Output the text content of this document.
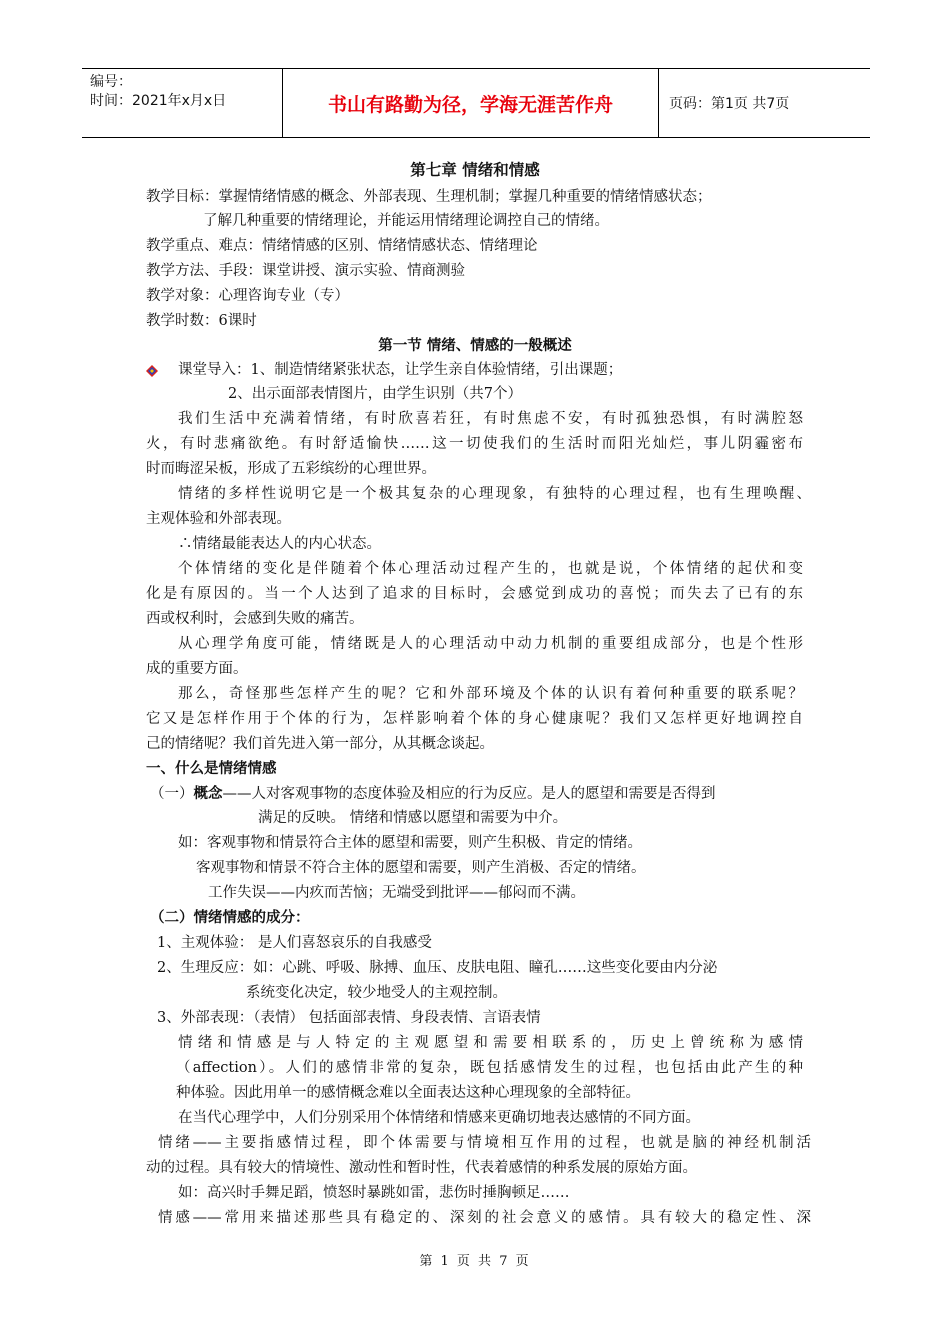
编号：
时间：2021年x月x日	书山有路勤为径，学海无涯苦作舟	页码：第1页 共7页
第七章 情绪和情感
教学目标：掌握情绪情感的概念、外部表现、生理机制；掌握几种重要的情绪情感状态；
了解几种重要的情绪理论，并能运用情绪理论调控自己的情绪。
教学重点、难点：情绪情感的区别、情绪情感状态、情绪理论
教学方法、手段：课堂讲授、演示实验、情商测验
教学对象：心理咨询专业（专）
教学时数：6课时
第一节 情绪、情感的一般概述
课堂导入：1、制造情绪紧张状态，让学生亲自体验情绪，引出课题；
2、出示面部表情图片，由学生识别（共7个）
我们生活中充满着情绪，有时欣喜若狂，有时焦虑不安，有时孤独恐惧，有时满腔怒
火，有时悲痛欲绝。有时舒适愉快……这一切使我们的生活时而阳光灿烂，事儿阴霾密布
时而晦涩呆板，形成了五彩缤纷的心理世界。
情绪的多样性说明它是一个极其复杂的心理现象，有独特的心理过程，也有生理唤醒、
主观体验和外部表现。
∴情绪最能表达人的内心状态。
个体情绪的变化是伴随着个体心理活动过程产生的，也就是说，个体情绪的起伏和变
化是有原因的。当一个人达到了追求的目标时，会感觉到成功的喜悦；而失去了已有的东
西或权利时，会感到失败的痛苦。
从心理学角度可能，情绪既是人的心理活动中动力机制的重要组成部分，也是个性形
成的重要方面。
那么，奇怪那些怎样产生的呢？它和外部环境及个体的认识有着何种重要的联系呢？
它又是怎样作用于个体的行为，怎样影响着个体的身心健康呢？我们又怎样更好地调控自
己的情绪呢？我们首先进入第一部分，从其概念谈起。
一、什么是情绪情感
（一）概念——人对客观事物的态度体验及相应的行为反应。是人的愿望和需要是否得到
满足的反映。 情绪和情感以愿望和需要为中介。
如：客观事物和情景符合主体的愿望和需要，则产生积极、肯定的情绪。
客观事物和情景不符合主体的愿望和需要，则产生消极、否定的情绪。
工作失误——内疚而苦恼；无端受到批评——郁闷而不满。
（二）情绪情感的成分：
1、主观体验： 是人们喜怒哀乐的自我感受
2、生理反应：如：心跳、呼吸、脉搏、血压、皮肤电阻、瞳孔……这些变化要由内分泌
系统变化决定，较少地受人的主观控制。
3、外部表现：（表情） 包括面部表情、身段表情、言语表情
情绪和情感是与人特定的主观愿望和需要相联系的，历史上曾统称为感情
（affection）。人们的感情非常的复杂，既包括感情发生的过程，也包括由此产生的种
种体验。因此用单一的感情概念难以全面表达这种心理现象的全部特征。
在当代心理学中，人们分别采用个体情绪和情感来更确切地表达感情的不同方面。
情绪——主要指感情过程，即个体需要与情境相互作用的过程，也就是脑的神经机制活
动的过程。具有较大的情境性、激动性和暂时性，代表着感情的种系发展的原始方面。
如：高兴时手舞足蹈，愤怒时暴跳如雷，悲伤时捶胸顿足……
情感——常用来描述那些具有稳定的、深刻的社会意义的感情。具有较大的稳定性、深
第 1 页 共 7 页
